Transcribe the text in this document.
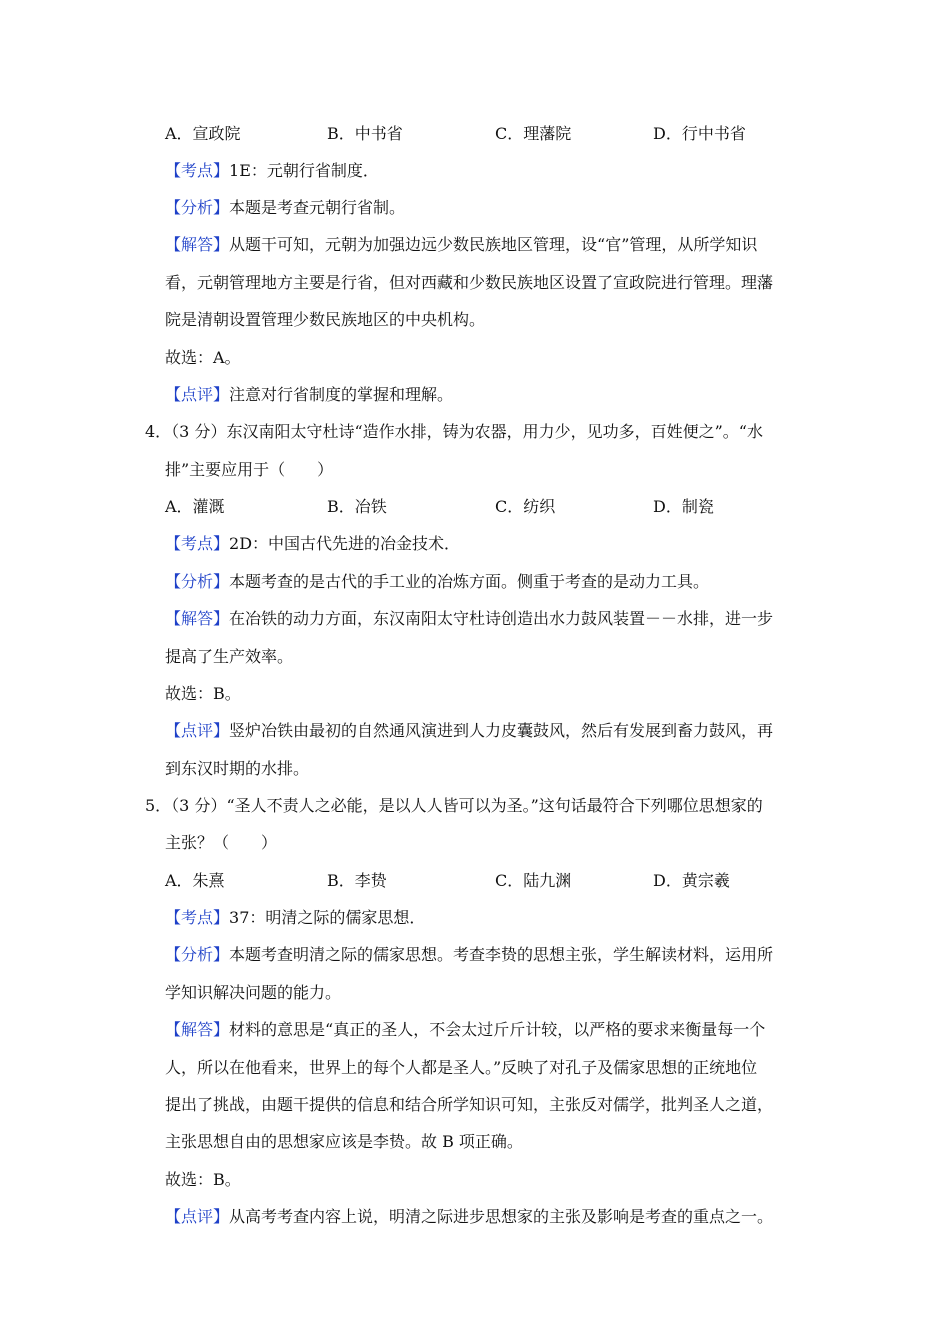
A．宣政院	B．中书省	C．理藩院	D．行中书省
【考点】1E：元朝行省制度．
【分析】本题是考查元朝行省制。
【解答】从题干可知，元朝为加强边远少数民族地区管理，设“官”管理，从所学知识
看，元朝管理地方主要是行省，但对西藏和少数民族地区设置了宣政院进行管理。理藩
院是清朝设置管理少数民族地区的中央机构。
故选：A。
【点评】注意对行省制度的掌握和理解。
4．（3 分）东汉南阳太守杜诗“造作水排，铸为农器，用力少，见功多，百姓便之”。“水
排”主要应用于（　　）
A．灌溉	B．冶铁	C．纺织	D．制瓷
【考点】2D：中国古代先进的冶金技术．
【分析】本题考查的是古代的手工业的冶炼方面。侧重于考查的是动力工具。
【解答】在冶铁的动力方面，东汉南阳太守杜诗创造出水力鼓风装置－－水排，进一步
提高了生产效率。
故选：B。
【点评】竖炉冶铁由最初的自然通风演进到人力皮囊鼓风，然后有发展到畜力鼓风，再
到东汉时期的水排。
5．（3 分）“圣人不责人之必能，是以人人皆可以为圣。”这句话最符合下列哪位思想家的
主张？（　　）
A．朱熹	B．李贽	C．陆九渊	D．黄宗羲
【考点】37：明清之际的儒家思想．
【分析】本题考查明清之际的儒家思想。考查李贽的思想主张，学生解读材料，运用所
学知识解决问题的能力。
【解答】材料的意思是“真正的圣人，不会太过斤斤计较，以严格的要求来衡量每一个
人，所以在他看来，世界上的每个人都是圣人。”反映了对孔子及儒家思想的正统地位
提出了挑战，由题干提供的信息和结合所学知识可知，主张反对儒学，批判圣人之道，
主张思想自由的思想家应该是李贽。故 B 项正确。
故选：B。
【点评】从高考考查内容上说，明清之际进步思想家的主张及影响是考查的重点之一。
